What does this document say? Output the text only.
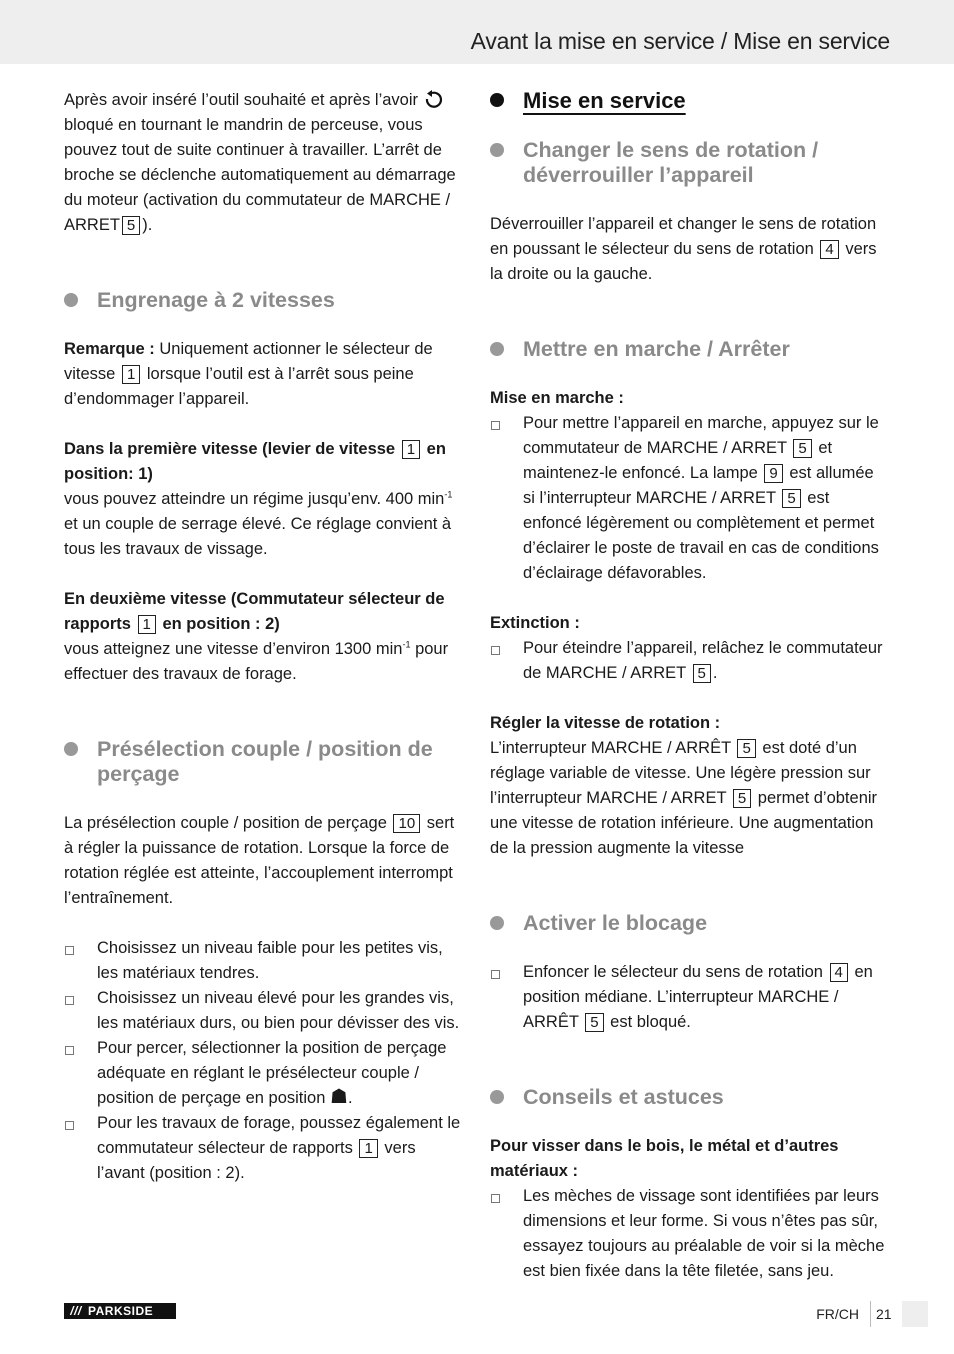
Avant la mise en service / Mise en service

Après avoir inséré l’outil souhaité et après l’avoir  bloqué en tournant le mandrin de perceuse, vous pouvez tout de suite continuer à travailler. L’arrêt de broche se déclenche automatiquement au démarrage du moteur (activation du commutateur de MARCHE / ARRET 5 ).

Engrenage à 2 vitesses

Remarque : Uniquement actionner le sélecteur de vitesse 1 lorsque l’outil est à l’arrêt sous peine d’endommager l’appareil.

Dans la première vitesse (levier de vitesse 1 en position: 1)

vous pouvez atteindre un régime jusqu’env. 400 $\min^{-1}$ et un couple de serrage élevé. Ce réglage convient à tous les travaux de vissage.

En deuxième vitesse (Commutateur sélecteur de rapports 1 en position : 2)

vous atteignez une vitesse d’environ 1300 $\min^{-1}$ pour effectuer des travaux de forage.

Présélection couple / position de perçage

La présélection couple / position de perçage 10 sert à régler la puissance de rotation. Lorsque la force de rotation réglée est atteinte, l’accouplement interrompt l’entraînement.

Choisissez un niveau faible pour les petites vis, les matériaux tendres.
Choisissez un niveau élevé pour les grandes vis, les matériaux durs, ou bien pour dévisser des vis.
Pour percer, sélectionner la position de perçage adéquate en réglant le présélecteur couple / position de perçage en position ☗.
Pour les travaux de forage, poussez également le commutateur sélecteur de rapports 1 vers l’avant (position : 2).
Mise en service
Changer le sens de rotation / déverrouiller l’appareil

Déverrouiller l’appareil et changer le sens de rotation en poussant le sélecteur du sens de rotation 4 vers la droite ou la gauche.

Mettre en marche / Arrêter

Mise en marche :

Pour mettre l’appareil en marche, appuyez sur le commutateur de MARCHE / ARRET 5 et maintenez-le enfoncé. La lampe 9 est allumée si l’interrupteur MARCHE / ARRET 5 est enfoncé légèrement ou complètement et permet d’éclairer le poste de travail en cas de conditions d’éclairage défavorables.

Extinction :

Pour éteindre l’appareil, relâchez le commutateur de MARCHE / ARRET 5 .

Régler la vitesse de rotation :

L’interrupteur MARCHE / ARRÊT 5 est doté d’un réglage variable de vitesse. Une légère pression sur l’interrupteur MARCHE / ARRET 5 permet d’obtenir une vitesse de rotation inférieure. Une augmentation de la pression augmente la vitesse

Activer le blocage
Enfoncer le sélecteur du sens de rotation 4 en position médiane. L’interrupteur MARCHE / ARRÊT 5 est bloqué.
Conseils et astuces

Pour visser dans le bois, le métal et d’autres matériaux :

Les mèches de vissage sont identifiées par leurs dimensions et leur forme. Si vous n’êtes pas sûr, essayez toujours au préalable de voir si la mèche est bien fixée dans la tête filetée, sans jeu.
/// PARKSIDE	FR/CH 21
